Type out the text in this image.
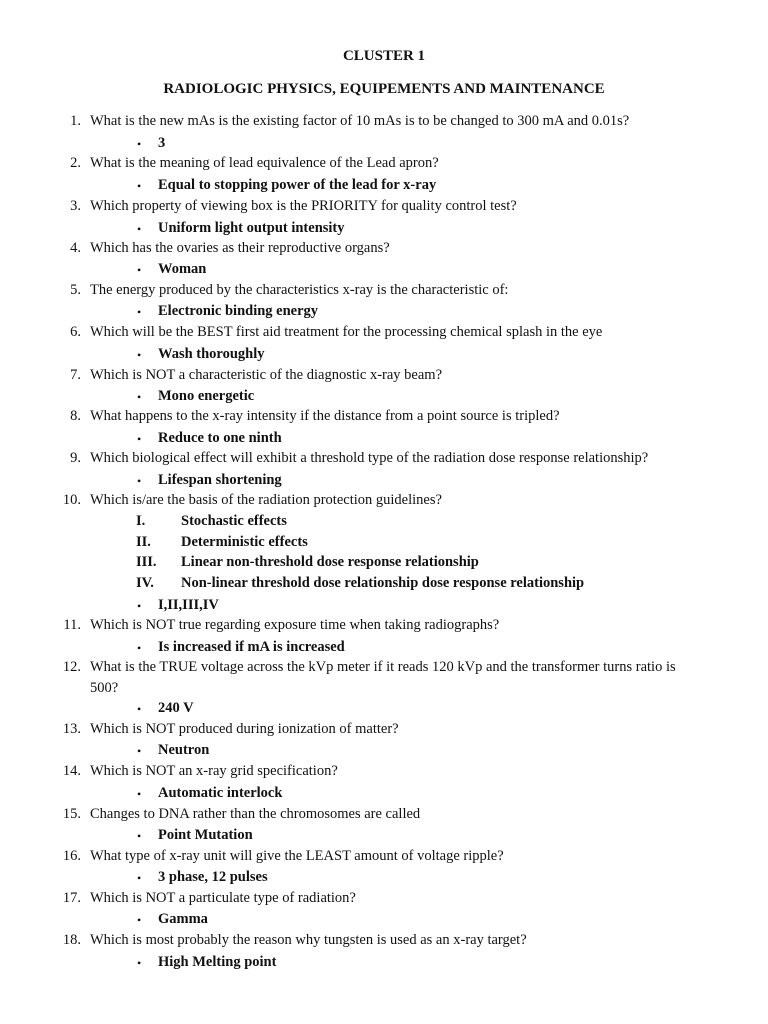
CLUSTER 1
RADIOLOGIC PHYSICS, EQUIPEMENTS AND MAINTENANCE
1. What is the new mAs is the existing factor of 10 mAs is to be changed to 300 mA and 0.01s?
• 3
2. What is the meaning of lead equivalence of the Lead apron?
• Equal to stopping power of the lead for x-ray
3. Which property of viewing box is the PRIORITY for quality control test?
• Uniform light output intensity
4. Which has the ovaries as their reproductive organs?
• Woman
5. The energy produced by the characteristics x-ray is the characteristic of:
• Electronic binding energy
6. Which will be the BEST first aid treatment for the processing chemical splash in the eye
• Wash thoroughly
7. Which is NOT a characteristic of the diagnostic x-ray beam?
• Mono energetic
8. What happens to the x-ray intensity if the distance from a point source is tripled?
• Reduce to one ninth
9. Which biological effect will exhibit a threshold type of the radiation dose response relationship?
• Lifespan shortening
10. Which is/are the basis of the radiation protection guidelines?
I. Stochastic effects
II. Deterministic effects
III. Linear non-threshold dose response relationship
IV. Non-linear threshold dose relationship dose response relationship
• I,II,III,IV
11. Which is NOT true regarding exposure time when taking radiographs?
• Is increased if mA is increased
12. What is the TRUE voltage across the kVp meter if it reads 120 kVp and the transformer turns ratio is
500?
• 240 V
13. Which is NOT produced during ionization of matter?
• Neutron
14. Which is NOT an x-ray grid specification?
• Automatic interlock
15. Changes to DNA rather than the chromosomes are called
• Point Mutation
16. What type of x-ray unit will give the LEAST amount of voltage ripple?
• 3 phase, 12 pulses
17. Which is NOT a particulate type of radiation?
• Gamma
18. Which is most probably the reason why tungsten is used as an x-ray target?
• High Melting point
